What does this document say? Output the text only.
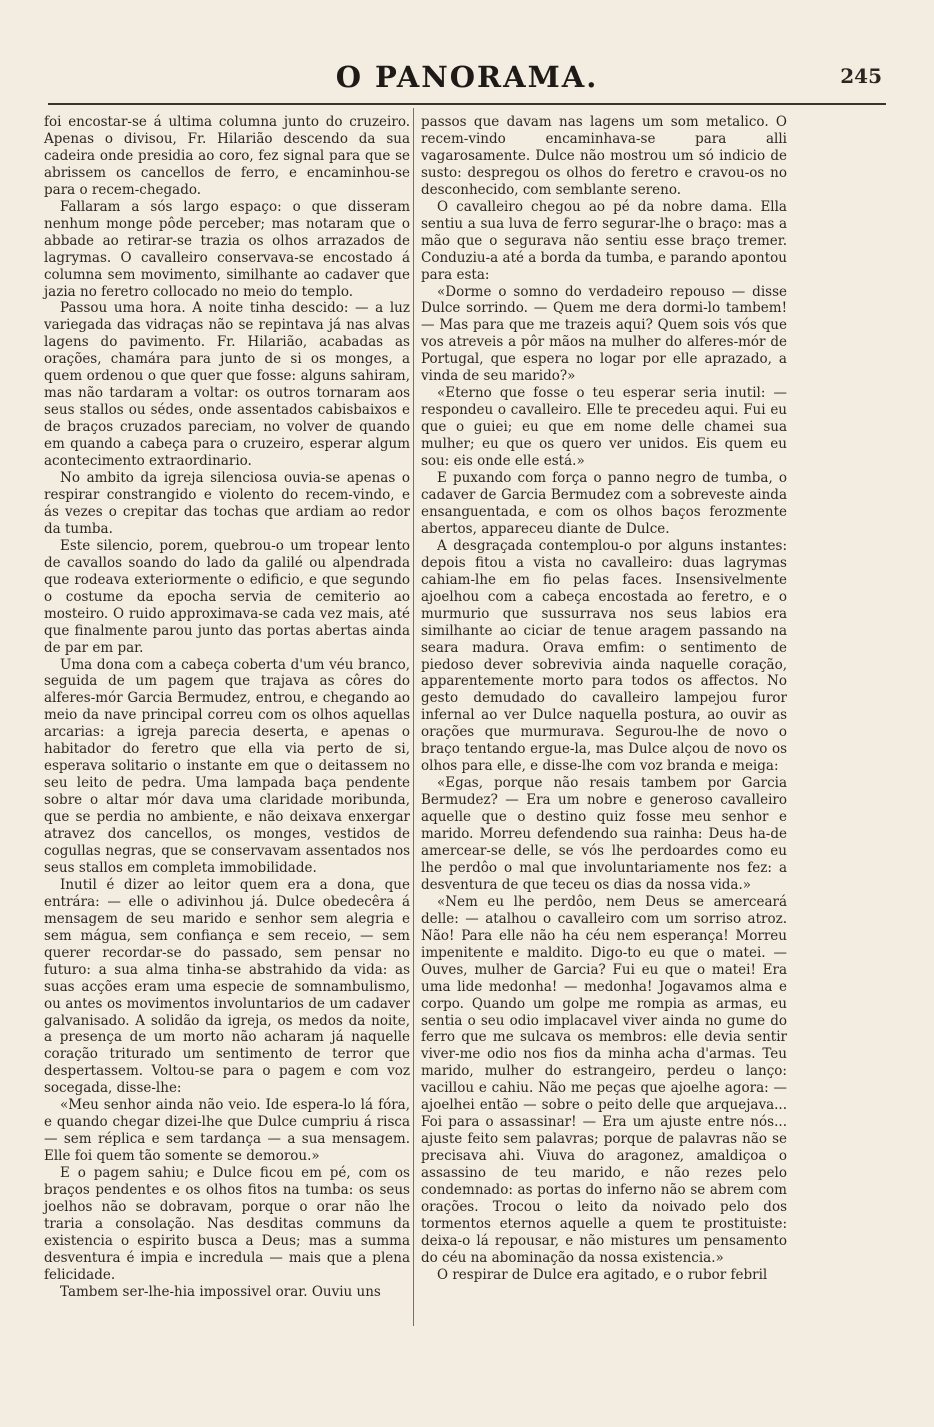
O PANORAMA.	245

foi encostar-se á ultima columna junto do cruzeiro. Apenas o divisou, Fr. Hilarião descendo da sua cadeira onde presidia ao coro, fez signal para que se abrissem os cancellos de ferro, e encaminhou-se para o recem-chegado.

Fallaram a sós largo espaço: o que disseram nenhum monge pôde perceber; mas notaram que o abbade ao retirar-se trazia os olhos arrazados de lagrymas. O cavalleiro conservava-se encostado á columna sem movimento, similhante ao cadaver que jazia no feretro collocado no meio do templo.

Passou uma hora. A noite tinha descido: — a luz variegada das vidraças não se repintava já nas alvas lagens do pavimento. Fr. Hilarião, acabadas as orações, chamára para junto de si os monges, a quem ordenou o que quer que fosse: alguns sahiram, mas não tardaram a voltar: os outros tornaram aos seus stallos ou sédes, onde assentados cabisbaixos e de braços cruzados pareciam, no volver de quando em quando a cabeça para o cruzeiro, esperar algum acontecimento extraordinario.

No ambito da igreja silenciosa ouvia-se apenas o respirar constrangido e violento do recem-vindo, e ás vezes o crepitar das tochas que ardiam ao redor da tumba.

Este silencio, porem, quebrou-o um tropear lento de cavallos soando do lado da galilé ou alpendrada que rodeava exteriormente o edificio, e que segundo o costume da epocha servia de cemiterio ao mosteiro. O ruido approximava-se cada vez mais, até que finalmente parou junto das portas abertas ainda de par em par.

Uma dona com a cabeça coberta d'um véu branco, seguida de um pagem que trajava as côres do alferes-mór Garcia Bermudez, entrou, e chegando ao meio da nave principal correu com os olhos aquellas arcarias: a igreja parecia deserta, e apenas o habitador do feretro que ella via perto de si, esperava solitario o instante em que o deitassem no seu leito de pedra. Uma lampada baça pendente sobre o altar mór dava uma claridade moribunda, que se perdia no ambiente, e não deixava enxergar atravez dos cancellos, os monges, vestidos de cogullas negras, que se conservavam assentados nos seus stallos em completa immobilidade.

Inutil é dizer ao leitor quem era a dona, que entrára: — elle o adivinhou já. Dulce obedecêra á mensagem de seu marido e senhor sem alegria e sem mágua, sem confiança e sem receio, — sem querer recordar-se do passado, sem pensar no futuro: a sua alma tinha-se abstrahido da vida: as suas acções eram uma especie de somnambulismo, ou antes os movimentos involuntarios de um cadaver galvanisado. A solidão da igreja, os medos da noite, a presença de um morto não acharam já naquelle coração triturado um sentimento de terror que despertassem. Voltou-se para o pagem e com voz socegada, disse-lhe:

«Meu senhor ainda não veio. Ide espera-lo lá fóra, e quando chegar dizei-lhe que Dulce cumpriu á risca — sem réplica e sem tardança — a sua mensagem. Elle foi quem tão somente se demorou.»

E o pagem sahiu; e Dulce ficou em pé, com os braços pendentes e os olhos fitos na tumba: os seus joelhos não se dobravam, porque o orar não lhe traria a consolação. Nas desditas communs da existencia o espirito busca a Deus; mas a summa desventura é impia e incredula — mais que a plena felicidade.

Tambem ser-lhe-hia impossivel orar. Ouviu uns

passos que davam nas lagens um som metalico. O recem-vindo encaminhava-se para alli vagarosamente. Dulce não mostrou um só indicio de susto: despregou os olhos do feretro e cravou-os no desconhecido, com semblante sereno.

O cavalleiro chegou ao pé da nobre dama. Ella sentiu a sua luva de ferro segurar-lhe o braço: mas a mão que o segurava não sentiu esse braço tremer. Conduziu-a até a borda da tumba, e parando apontou para esta:

«Dorme o somno do verdadeiro repouso — disse Dulce sorrindo. — Quem me dera dormi-lo tambem! — Mas para que me trazeis aqui? Quem sois vós que vos atreveis a pôr mãos na mulher do alferes-mór de Portugal, que espera no logar por elle aprazado, a vinda de seu marido?»

«Eterno que fosse o teu esperar seria inutil: — respondeu o cavalleiro. Elle te precedeu aqui. Fui eu que o guiei; eu que em nome delle chamei sua mulher; eu que os quero ver unidos. Eis quem eu sou: eis onde elle está.»

E puxando com força o panno negro de tumba, o cadaver de Garcia Bermudez com a sobreveste ainda ensanguentada, e com os olhos baços ferozmente abertos, appareceu diante de Dulce.

A desgraçada contemplou-o por alguns instantes: depois fitou a vista no cavalleiro: duas lagrymas cahiam-lhe em fio pelas faces. Insensivelmente ajoelhou com a cabeça encostada ao feretro, e o murmurio que sussurrava nos seus labios era similhante ao ciciar de tenue aragem passando na seara madura. Orava emfim: o sentimento de piedoso dever sobrevivia ainda naquelle coração, apparentemente morto para todos os affectos. No gesto demudado do cavalleiro lampejou furor infernal ao ver Dulce naquella postura, ao ouvir as orações que murmurava. Segurou-lhe de novo o braço tentando ergue-la, mas Dulce alçou de novo os olhos para elle, e disse-lhe com voz branda e meiga:

«Egas, porque não resais tambem por Garcia Bermudez? — Era um nobre e generoso cavalleiro aquelle que o destino quiz fosse meu senhor e marido. Morreu defendendo sua rainha: Deus ha-de amercear-se delle, se vós lhe perdoardes como eu lhe perdôo o mal que involuntariamente nos fez: a desventura de que teceu os dias da nossa vida.»

«Nem eu lhe perdôo, nem Deus se amerceará delle: — atalhou o cavalleiro com um sorriso atroz. Não! Para elle não ha céu nem esperança! Morreu impenitente e maldito. Digo-to eu que o matei. — Ouves, mulher de Garcia? Fui eu que o matei! Era uma lide medonha! — medonha! Jogavamos alma e corpo. Quando um golpe me rompia as armas, eu sentia o seu odio implacavel viver ainda no gume do ferro que me sulcava os membros: elle devia sentir viver-me odio nos fios da minha acha d'armas. Teu marido, mulher do estrangeiro, perdeu o lanço: vacillou e cahiu. Não me peças que ajoelhe agora: — ajoelhei então — sobre o peito delle que arquejava... Foi para o assassinar! — Era um ajuste entre nós... ajuste feito sem palavras; porque de palavras não se precisava ahi. Viuva do aragonez, amaldiçoa o assassino de teu marido, e não rezes pelo condemnado: as portas do inferno não se abrem com orações. Trocou o leito da noivado pelo dos tormentos eternos aquelle a quem te prostituiste: deixa-o lá repousar, e não mistures um pensamento do céu na abominação da nossa existencia.»

O respirar de Dulce era agitado, e o rubor febril
